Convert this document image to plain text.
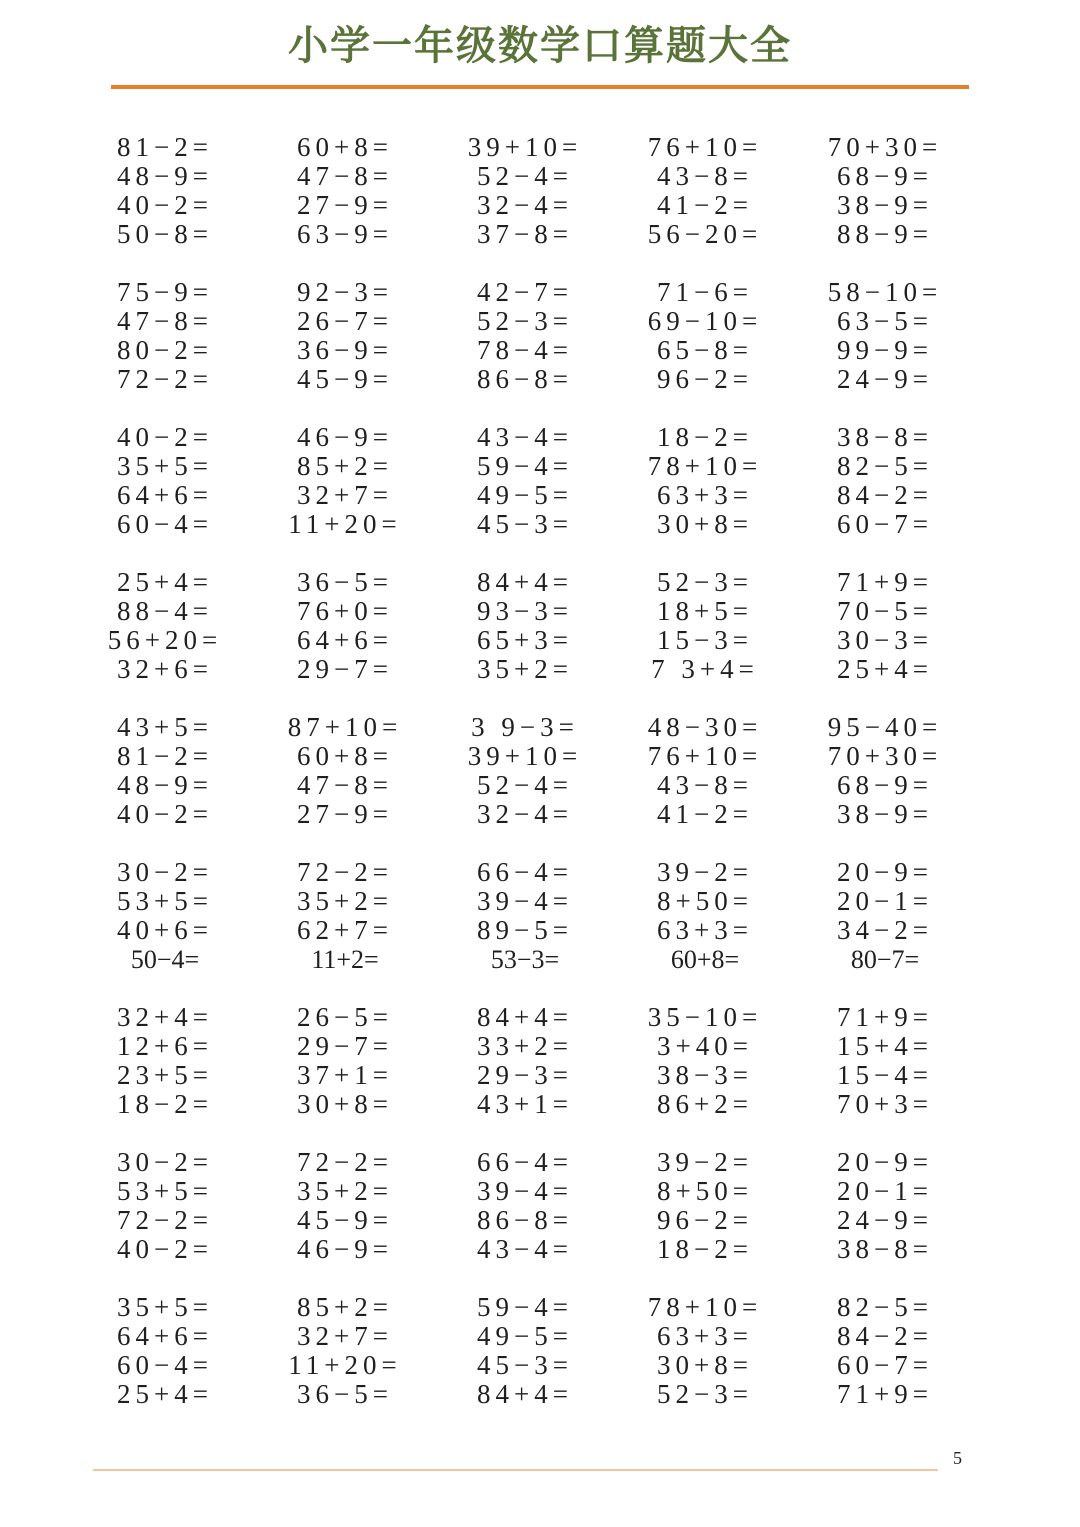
小学一年级数学口算题大全
81−2=	60+8=	39+10=	76+10=	70+30=
48−9=	47−8=	52−4=	43−8=	68−9=
40−2=	27−9=	32−4=	41−2=	38−9=
50−8=	63−9=	37−8=	56−20=	88−9=
75−9=	92−3=	42−7=	71−6=	58−10=
47−8=	26−7=	52−3=	69−10=	63−5=
80−2=	36−9=	78−4=	65−8=	99−9=
72−2=	45−9=	86−8=	96−2=	24−9=
40−2=	46−9=	43−4=	18−2=	38−8=
35+5=	85+2=	59−4=	78+10=	82−5=
64+6=	32+7=	49−5=	63+3=	84−2=
60−4=	11+20=	45−3=	30+8=	60−7=
25+4=	36−5=	84+4=	52−3=	71+9=
88−4=	76+0=	93−3=	18+5=	70−5=
56+20=	64+6=	65+3=	15−3=	30−3=
32+6=	29−7=	35+2=	7 3+4=	25+4=
43+5=	87+10=	3 9−3=	48−30=	95−40=
81−2=	60+8=	39+10=	76+10=	70+30=
48−9=	47−8=	52−4=	43−8=	68−9=
40−2=	27−9=	32−4=	41−2=	38−9=
30−2=	72−2=	66−4=	39−2=	20−9=
53+5=	35+2=	39−4=	8+50=	20−1=
40+6=	62+7=	89−5=	63+3=	34−2=
50−4=	11+2=	53−3=	60+8=	80−7=
32+4=	26−5=	84+4=	35−10=	71+9=
12+6=	29−7=	33+2=	3+40=	15+4=
23+5=	37+1=	29−3=	38−3=	15−4=
18−2=	30+8=	43+1=	86+2=	70+3=
30−2=	72−2=	66−4=	39−2=	20−9=
53+5=	35+2=	39−4=	8+50=	20−1=
72−2=	45−9=	86−8=	96−2=	24−9=
40−2=	46−9=	43−4=	18−2=	38−8=
35+5=	85+2=	59−4=	78+10=	82−5=
64+6=	32+7=	49−5=	63+3=	84−2=
60−4=	11+20=	45−3=	30+8=	60−7=
25+4=	36−5=	84+4=	52−3=	71+9=
5
